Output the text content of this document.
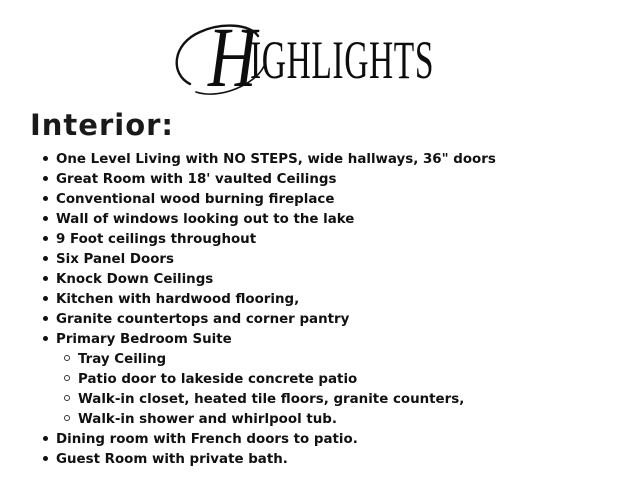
HIGHLIGHTS
Interior:
One Level Living with NO STEPS, wide hallways, 36" doors
Great Room with 18' vaulted Ceilings
Conventional wood burning fireplace
Wall of windows looking out to the lake
9 Foot ceilings throughout
Six Panel Doors
Knock Down Ceilings
Kitchen with hardwood flooring,
Granite countertops and corner pantry
Primary Bedroom Suite
Tray Ceiling
Patio door to lakeside concrete patio
Walk-in closet, heated tile floors, granite counters,
Walk-in shower and whirlpool tub.
Dining room with French doors to patio.
Guest Room with private bath.
